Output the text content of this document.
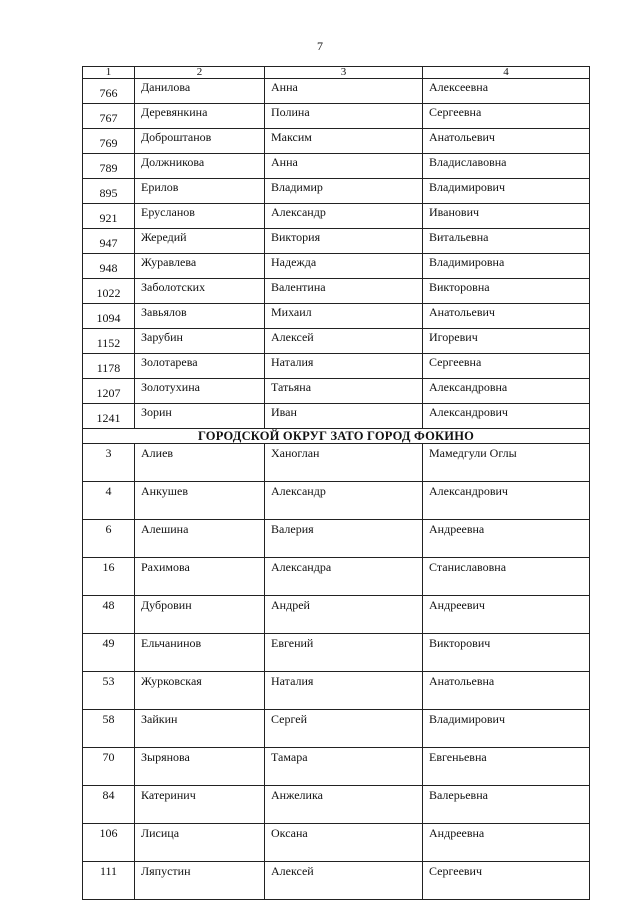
7
1	2	3	4
766	Данилова	Анна	Алексеевна
767	Деревянкина	Полина	Сергеевна
769	Доброштанов	Максим	Анатольевич
789	Должникова	Анна	Владиславовна
895	Ерилов	Владимир	Владимирович
921	Ерусланов	Александр	Иванович
947	Жередий	Виктория	Витальевна
948	Журавлева	Надежда	Владимировна
1022	Заболотских	Валентина	Викторовна
1094	Завьялов	Михаил	Анатольевич
1152	Зарубин	Алексей	Игоревич
1178	Золотарева	Наталия	Сергеевна
1207	Золотухина	Татьяна	Александровна
1241	Зорин	Иван	Александрович
ГОРОДСКОЙ ОКРУГ ЗАТО ГОРОД ФОКИНО			
3	Алиев	Ханоглан	Мамедгули Оглы
4	Анкушев	Александр	Александрович
6	Алешина	Валерия	Андреевна
16	Рахимова	Александра	Станиславовна
48	Дубровин	Андрей	Андреевич
49	Ельчанинов	Евгений	Викторович
53	Журковская	Наталия	Анатольевна
58	Зайкин	Сергей	Владимирович
70	Зырянова	Тамара	Евгеньевна
84	Катеринич	Анжелика	Валерьевна
106	Лисица	Оксана	Андреевна
111	Ляпустин	Алексей	Сергеевич
